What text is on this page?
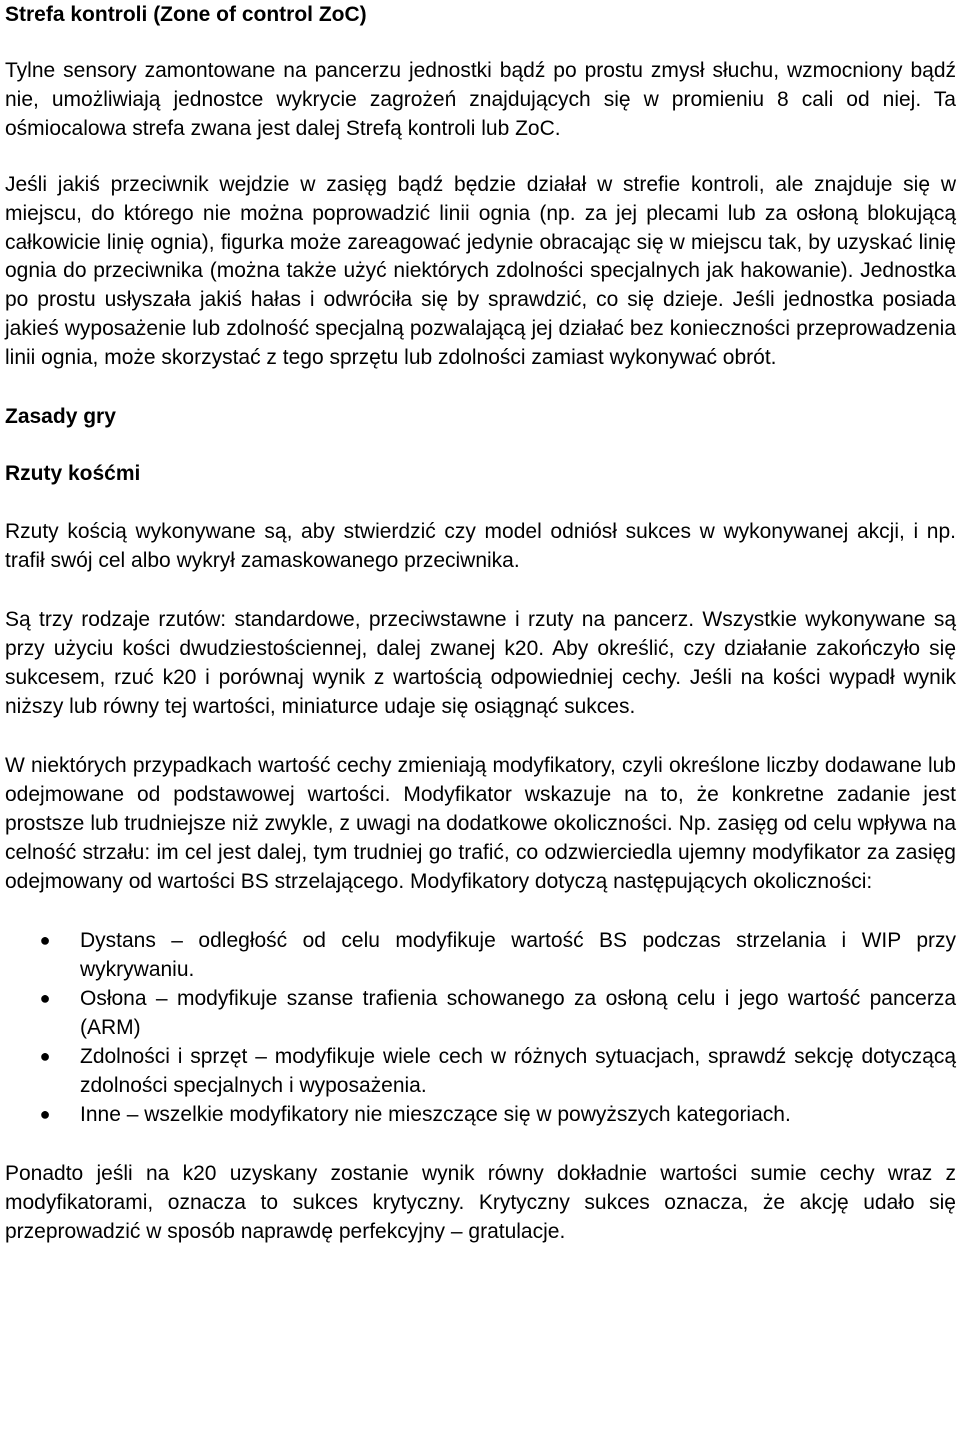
Strefa kontroli (Zone of control ZoC)

Tylne sensory zamontowane na pancerzu jednostki bądź po prostu zmysł słuchu, wzmocniony bądź nie, umożliwiają jednostce wykrycie zagrożeń znajdujących się w promieniu 8 cali od niej. Ta ośmiocalowa strefa zwana jest dalej Strefą kontroli lub ZoC.

Jeśli jakiś przeciwnik wejdzie w zasięg bądź będzie działał w strefie kontroli, ale znajduje się w miejscu, do którego nie można poprowadzić linii ognia (np. za jej plecami lub za osłoną blokującą całkowicie linię ognia), figurka może zareagować jedynie obracając się w miejscu tak, by uzyskać linię ognia do przeciwnika (można także użyć niektórych zdolności specjalnych jak hakowanie). Jednostka po prostu usłyszała jakiś hałas i odwróciła się by sprawdzić, co się dzieje. Jeśli jednostka posiada jakieś wyposażenie lub zdolność specjalną pozwalającą jej działać bez konieczności przeprowadzenia linii ognia, może skorzystać z tego sprzętu lub zdolności zamiast wykonywać obrót.

Zasady gry
Rzuty kośćmi

Rzuty kością wykonywane są, aby stwierdzić czy model odniósł sukces w wykonywanej akcji, i np. trafił swój cel albo wykrył zamaskowanego przeciwnika.

Są trzy rodzaje rzutów: standardowe, przeciwstawne i rzuty na pancerz. Wszystkie wykonywane są przy użyciu kości dwudziestościennej, dalej zwanej k20. Aby określić, czy działanie zakończyło się sukcesem, rzuć k20 i porównaj wynik z wartością odpowiedniej cechy. Jeśli na kości wypadł wynik niższy lub równy tej wartości, miniaturce udaje się osiągnąć sukces.

W niektórych przypadkach wartość cechy zmieniają modyfikatory, czyli określone liczby dodawane lub odejmowane od podstawowej wartości. Modyfikator wskazuje na to, że konkretne zadanie jest prostsze lub trudniejsze niż zwykle, z uwagi na dodatkowe okoliczności. Np. zasięg od celu wpływa na celność strzału: im cel jest dalej, tym trudniej go trafić, co odzwierciedla ujemny modyfikator za zasięg odejmowany od wartości BS strzelającego. Modyfikatory dotyczą następujących okoliczności:

● Dystans – odległość od celu modyfikuje wartość BS podczas strzelania i WIP przy wykrywaniu.
● Osłona – modyfikuje szanse trafienia schowanego za osłoną celu i jego wartość pancerza (ARM)
● Zdolności i sprzęt – modyfikuje wiele cech w różnych sytuacjach, sprawdź sekcję dotyczącą zdolności specjalnych i wyposażenia.
● Inne – wszelkie modyfikatory nie mieszczące się w powyższych kategoriach.

Ponadto jeśli na k20 uzyskany zostanie wynik równy dokładnie wartości sumie cechy wraz z modyfikatorami, oznacza to sukces krytyczny. Krytyczny sukces oznacza, że akcję udało się przeprowadzić w sposób naprawdę perfekcyjny – gratulacje.
